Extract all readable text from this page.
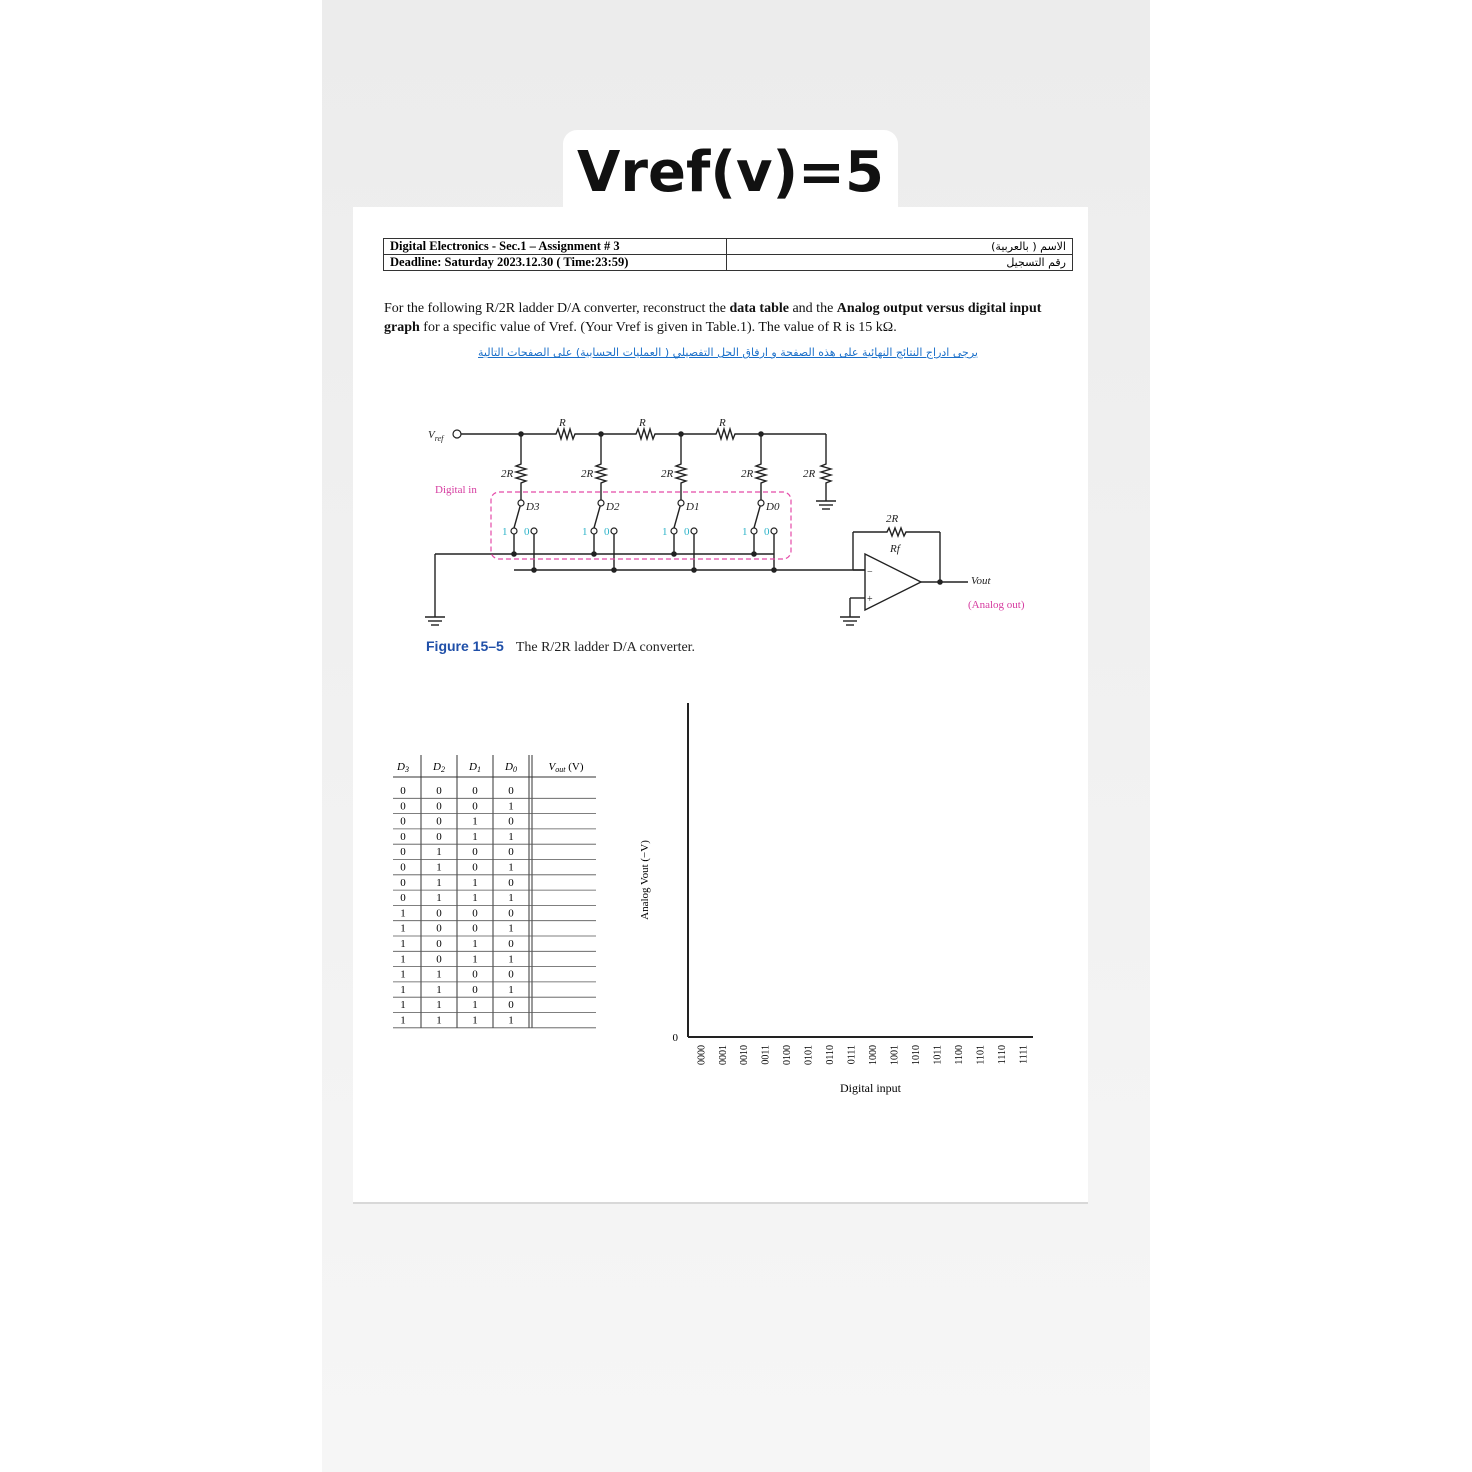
Vref(v)=5
Digital Electronics - Sec.1 – Assignment # 3	الاسم ( بالعربية)
Deadline: Saturday 2023.12.30 ( Time:23:59)	رقم التسجيل
For the following R/2R ladder D/A converter, reconstruct the data table and the Analog output versus digital input graph for a specific value of Vref. (Your Vref is given in Table.1). The value of R is 15 kΩ.
يرجى ادراج النتائج النهائية على هذه الصفحة و ارفاق الحل التفصيلي ( العمليات الحسابية) على الصفحات التالية
$V_{ref}$
R	R	R
2R	2R	2R	2R	2R
D3	D2	D1	D0
2R
Rf
Vout
1 0	1 0	1 0	1 0
Digital in
(Analog out)
−
+
Figure 15–5 The R/2R ladder D/A converter.
D3 D2 D1 D0	Vout (V)
0	0	0	0
0	0	0	1
0	0	1	0
0	0	1	1
0	1	0	0
0	1	0	1
0	1	1	0
0	1	1	1
1	0	0	0
1	0	0	1
1	0	1	0
1	0	1	1
1	1	0	0
1	1	0	1
1	1	1	0
1	1	1	1
0
0000 0001 0010 0011 0100 0101 0110 0111 1000 1001 1010 1011 1100 1101 1110 1111
Digital input
Analog Vout (−V)
